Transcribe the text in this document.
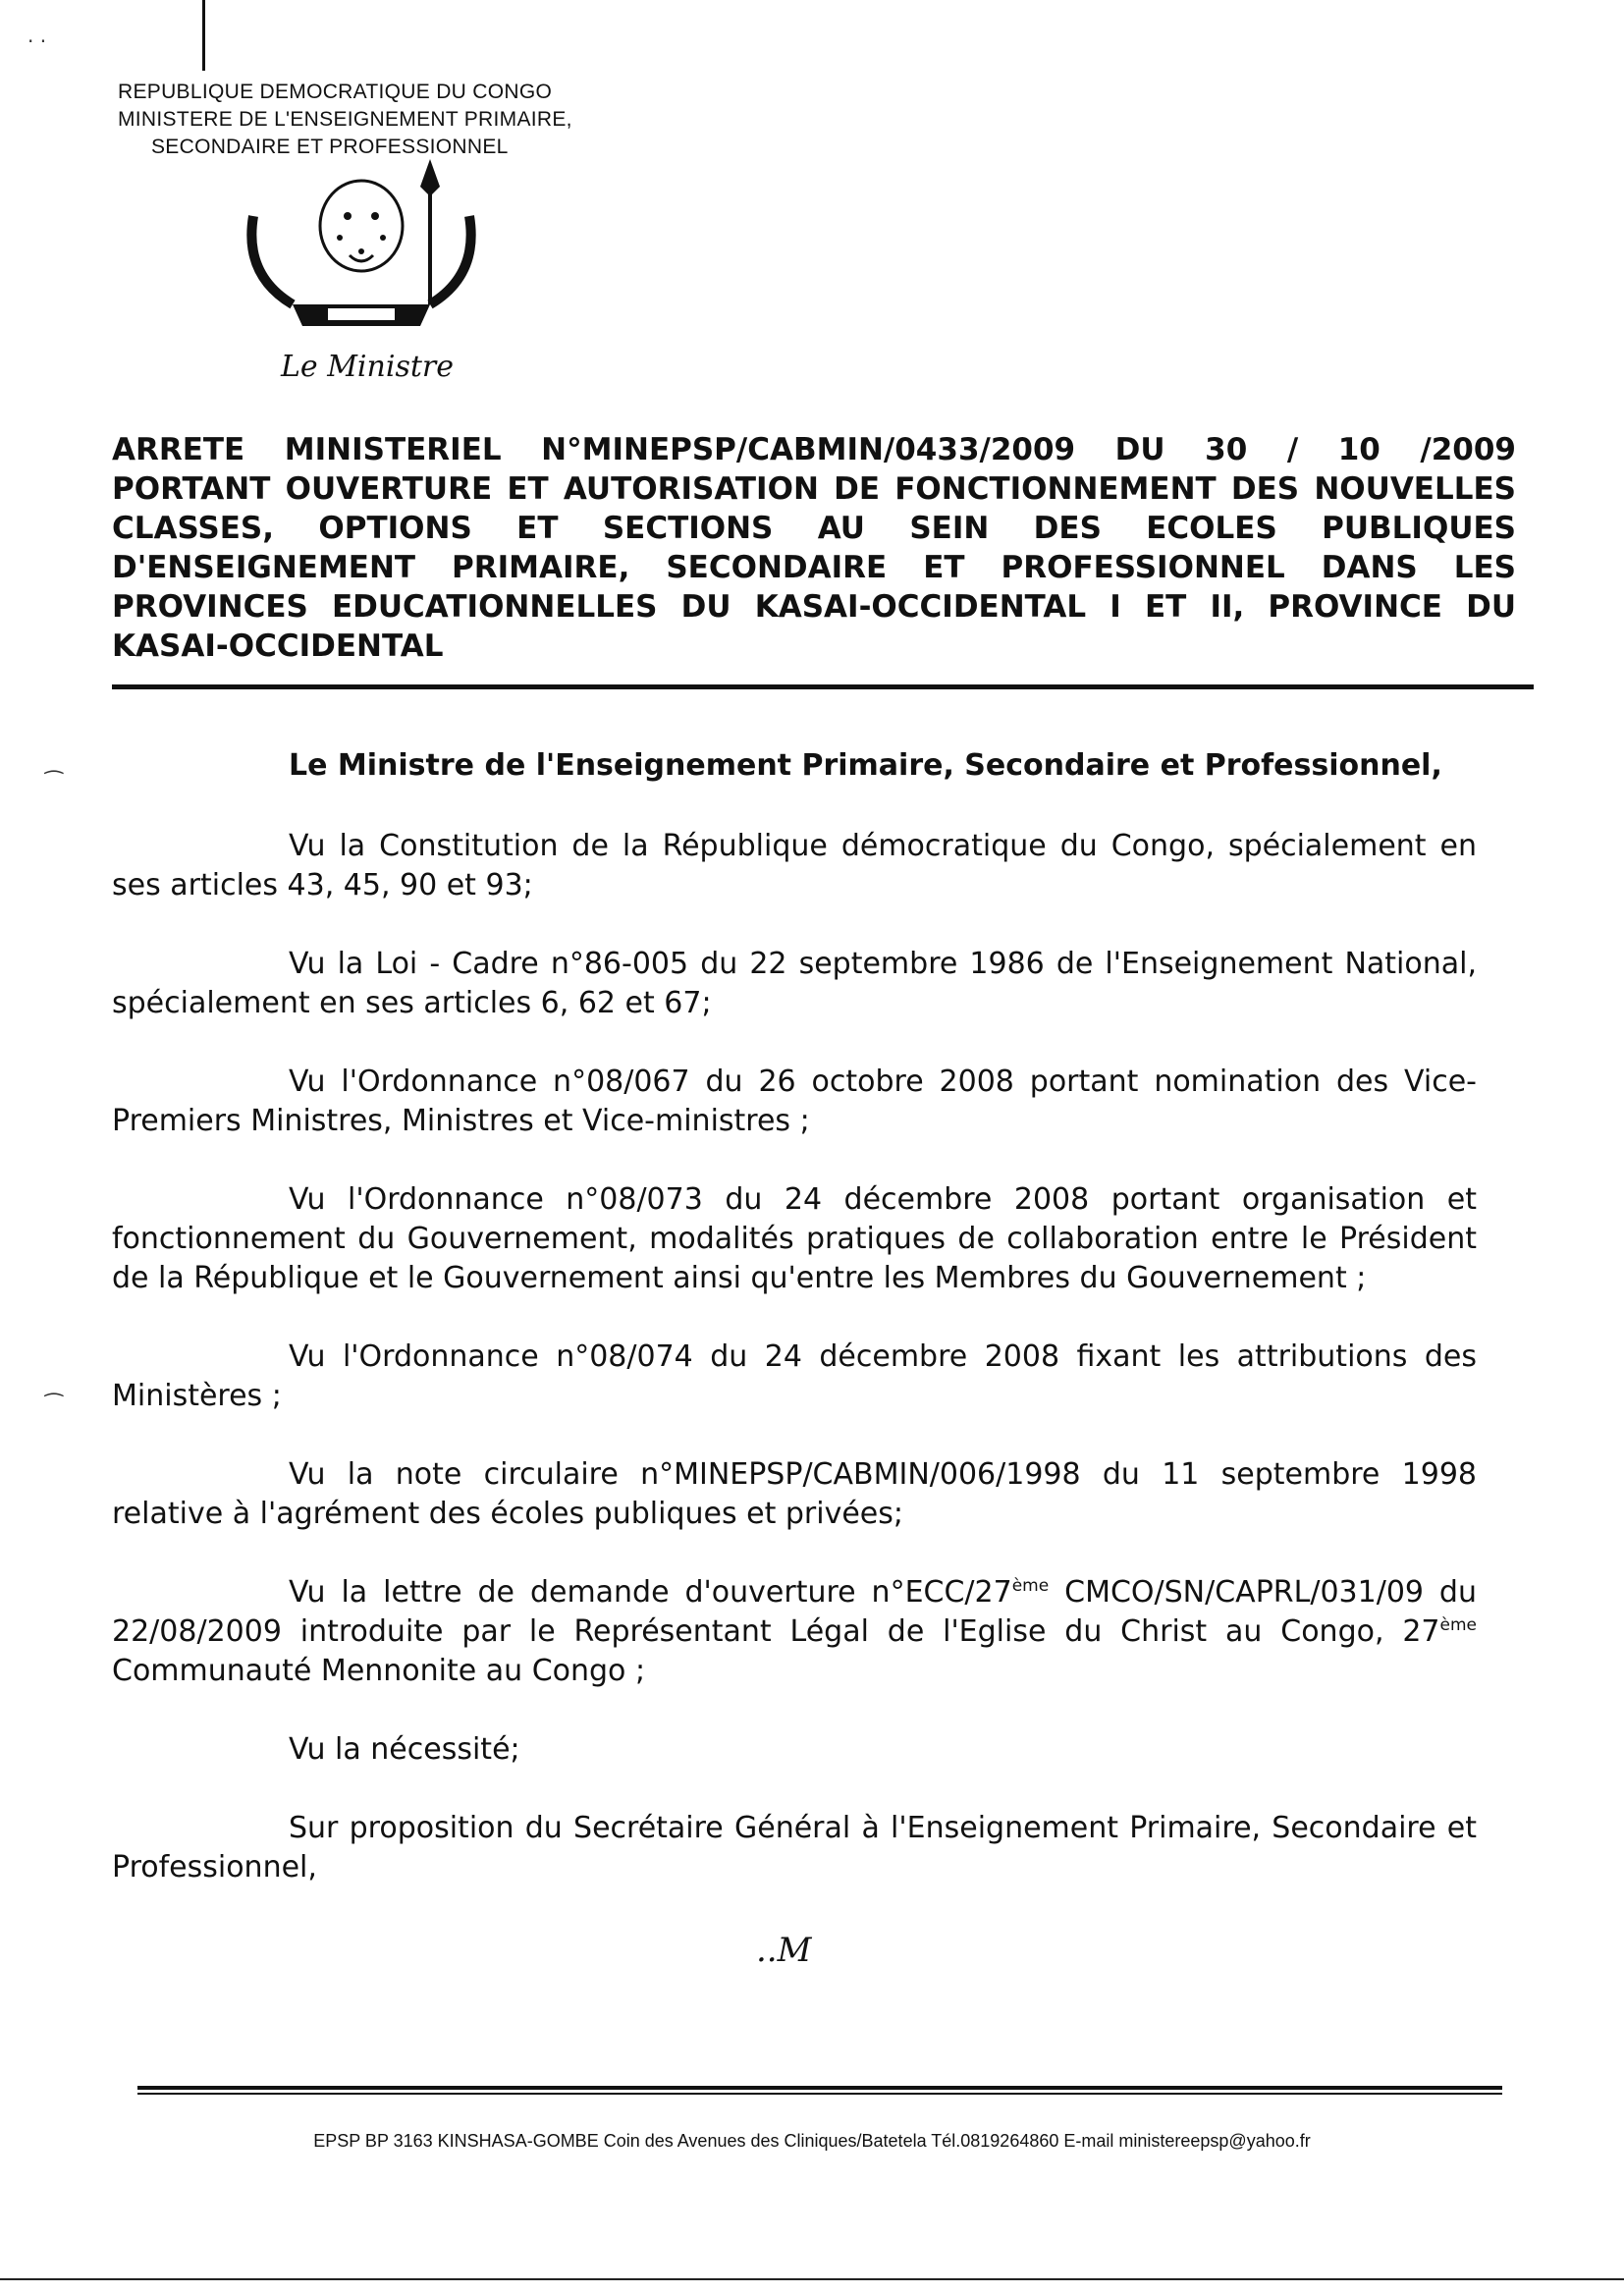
· ·
⁀
⁀
REPUBLIQUE DEMOCRATIQUE DU CONGO
MINISTERE DE L'ENSEIGNEMENT PRIMAIRE,
SECONDAIRE ET PROFESSIONNEL
Le Ministre
ARRETE MINISTERIEL N°MINEPSP/CABMIN/0433/2009 DU 30 / 10 /2009
PORTANT OUVERTURE ET AUTORISATION DE FONCTIONNEMENT DES NOUVELLES
CLASSES, OPTIONS ET SECTIONS AU SEIN DES ECOLES PUBLIQUES
D'ENSEIGNEMENT PRIMAIRE, SECONDAIRE ET PROFESSIONNEL DANS LES
PROVINCES EDUCATIONNELLES DU KASAI-OCCIDENTAL I ET II, PROVINCE DU
KASAI-OCCIDENTAL
Le Ministre de l'Enseignement Primaire, Secondaire et Professionnel,
Vu la Constitution de la République démocratique du Congo, spécialement en ses articles 43, 45, 90 et 93;
Vu la Loi - Cadre n°86-005 du 22 septembre 1986 de l'Enseignement National, spécialement en ses articles 6, 62 et 67;
Vu l'Ordonnance n°08/067 du 26 octobre 2008 portant nomination des Vice-Premiers Ministres, Ministres et Vice-ministres ;
Vu l'Ordonnance n°08/073 du 24 décembre 2008 portant organisation et fonctionnement du Gouvernement, modalités pratiques de collaboration entre le Président de la République et le Gouvernement ainsi qu'entre les Membres du Gouvernement ;
Vu l'Ordonnance n°08/074 du 24 décembre 2008 fixant les attributions des Ministères ;
Vu la note circulaire n°MINEPSP/CABMIN/006/1998 du 11 septembre 1998 relative à l'agrément des écoles publiques et privées;
Vu la lettre de demande d'ouverture n°ECC/27ème CMCO/SN/CAPRL/031/09 du 22/08/2009 introduite par le Représentant Légal de l'Eglise du Christ au Congo, 27ème Communauté Mennonite au Congo ;
Vu la nécessité;
Sur proposition du Secrétaire Général à l'Enseignement Primaire, Secondaire et Professionnel,
..M
EPSP BP 3163 KINSHASA-GOMBE Coin des Avenues des Cliniques/Batetela Tél.0819264860 E-mail ministereepsp@yahoo.fr
